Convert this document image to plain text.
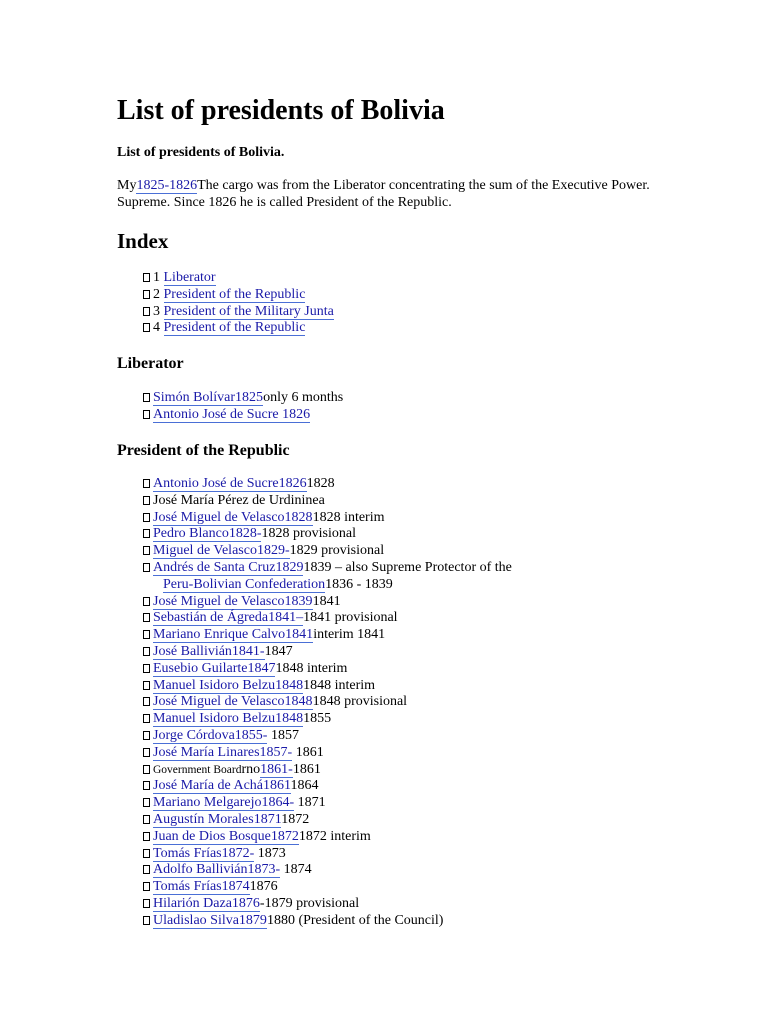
List of presidents of Bolivia

List of presidents of Bolivia.

My1825-1826The cargo was from the Liberator concentrating the sum of the Executive Power. Supreme. Since 1826 he is called President of the Republic.

Index
1 Liberator
2 President of the Republic
3 President of the Military Junta
4 President of the Republic
Liberator
Simón Bolívar1825only 6 months
Antonio José de Sucre 1826
President of the Republic
Antonio José de Sucre18261828
José María Pérez de Urdininea
José Miguel de Velasco18281828 interim
Pedro Blanco1828-1828 provisional
Miguel de Velasco1829-1829 provisional
Andrés de Santa Cruz18291839 – also Supreme Protector of the
Peru-Bolivian Confederation1836 - 1839
José Miguel de Velasco18391841
Sebastián de Ágreda1841–1841 provisional
Mariano Enrique Calvo1841interim 1841
José Ballivián1841-1847
Eusebio Guilarte18471848 interim
Manuel Isidoro Belzu18481848 interim
José Miguel de Velasco18481848 provisional
Manuel Isidoro Belzu18481855
Jorge Córdova1855- 1857
José María Linares1857- 1861
Government Boardrno1861-1861
José María de Achá18611864
Mariano Melgarejo1864- 1871
Augustín Morales18711872
Juan de Dios Bosque18721872 interim
Tomás Frías1872- 1873
Adolfo Ballivián1873- 1874
Tomás Frías18741876
Hilarión Daza1876-1879 provisional
Uladislao Silva18791880 (President of the Council)
